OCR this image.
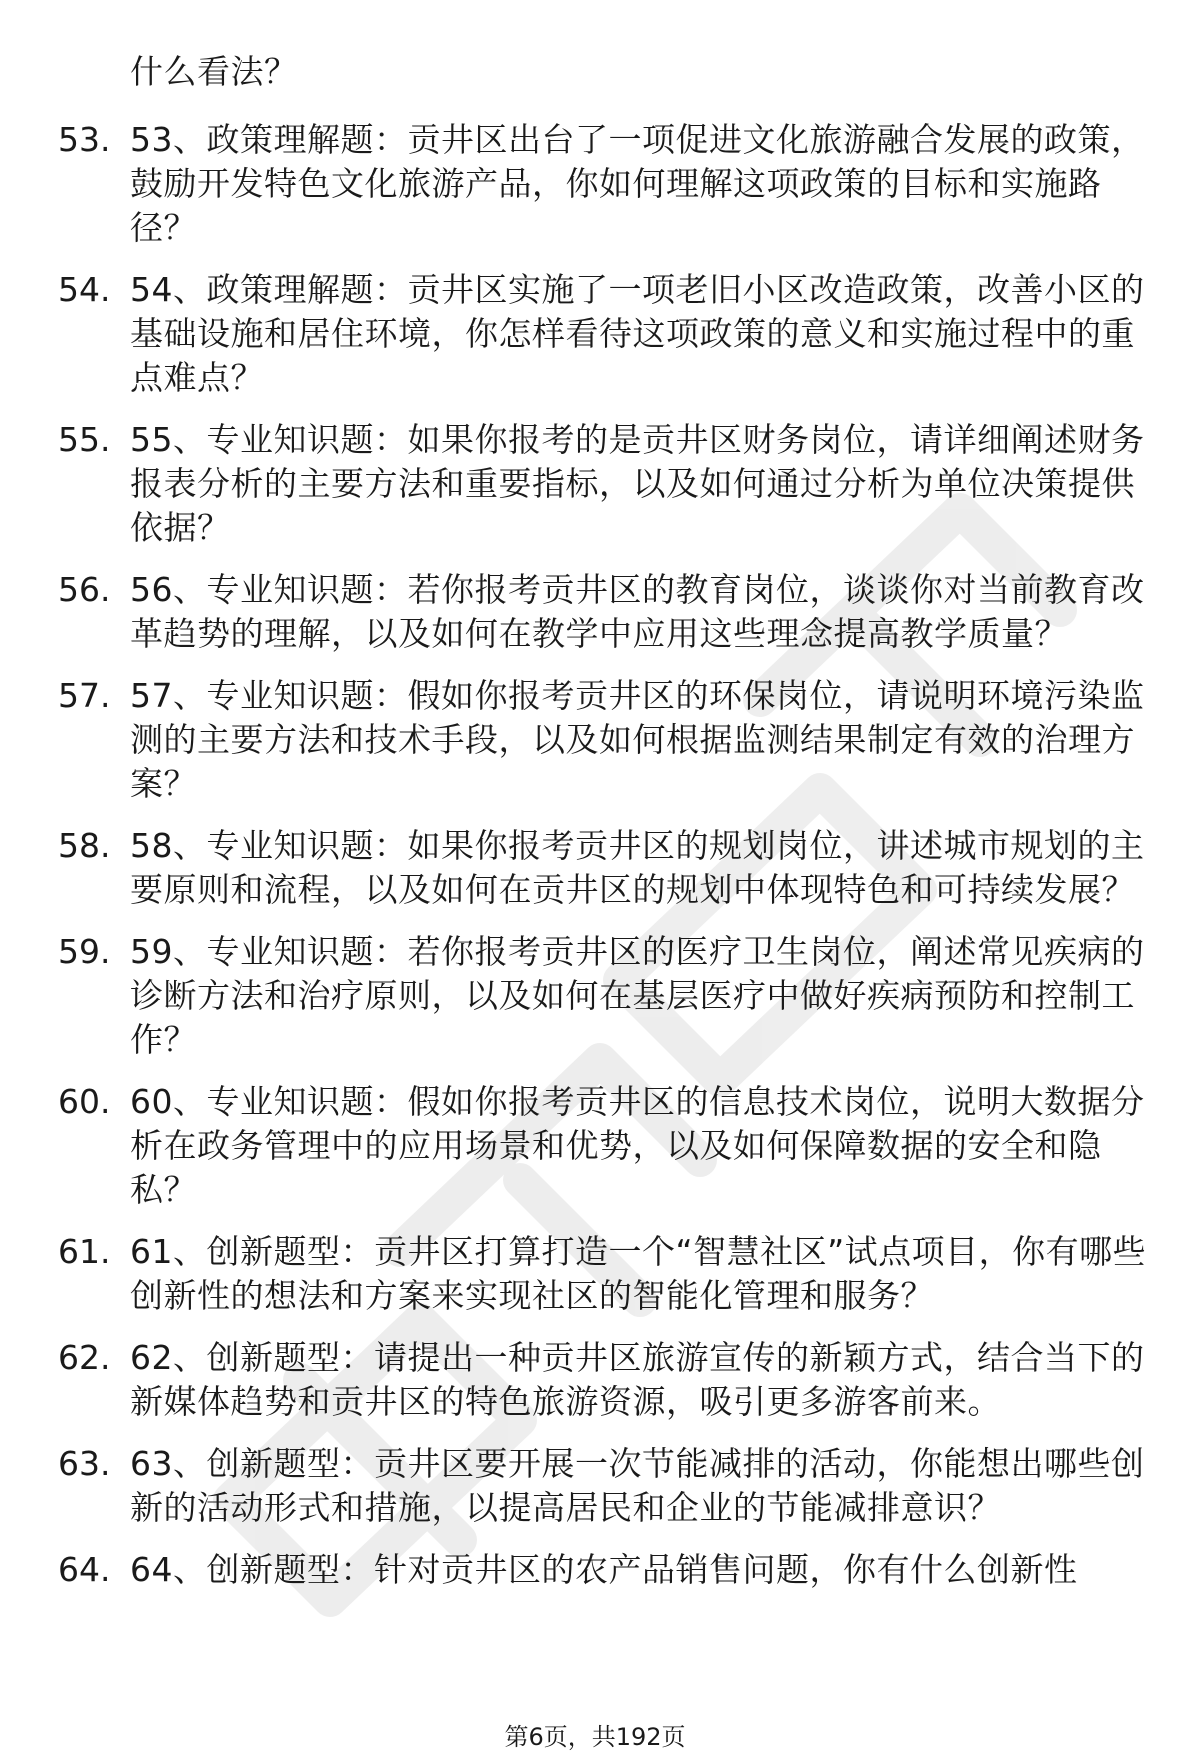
什么看法？
53. 53、政策理解题：贡井区出台了一项促进文化旅游融合发展的政策，鼓励开发特色文化旅游产品，你如何理解这项政策的目标和实施路径？
54. 54、政策理解题：贡井区实施了一项老旧小区改造政策，改善小区的基础设施和居住环境，你怎样看待这项政策的意义和实施过程中的重点难点？
55. 55、专业知识题：如果你报考的是贡井区财务岗位，请详细阐述财务报表分析的主要方法和重要指标，以及如何通过分析为单位决策提供依据？
56. 56、专业知识题：若你报考贡井区的教育岗位，谈谈你对当前教育改革趋势的理解，以及如何在教学中应用这些理念提高教学质量？
57. 57、专业知识题：假如你报考贡井区的环保岗位，请说明环境污染监测的主要方法和技术手段，以及如何根据监测结果制定有效的治理方案？
58. 58、专业知识题：如果你报考贡井区的规划岗位，讲述城市规划的主要原则和流程，以及如何在贡井区的规划中体现特色和可持续发展？
59. 59、专业知识题：若你报考贡井区的医疗卫生岗位，阐述常见疾病的诊断方法和治疗原则，以及如何在基层医疗中做好疾病预防和控制工作？
60. 60、专业知识题：假如你报考贡井区的信息技术岗位，说明大数据分析在政务管理中的应用场景和优势，以及如何保障数据的安全和隐私？
61. 61、创新题型：贡井区打算打造一个“智慧社区”试点项目，你有哪些创新性的想法和方案来实现社区的智能化管理和服务？
62. 62、创新题型：请提出一种贡井区旅游宣传的新颖方式，结合当下的新媒体趋势和贡井区的特色旅游资源，吸引更多游客前来。
63. 63、创新题型：贡井区要开展一次节能减排的活动，你能想出哪些创新的活动形式和措施，以提高居民和企业的节能减排意识？
64. 64、创新题型：针对贡井区的农产品销售问题，你有什么创新性
第6页，共192页
